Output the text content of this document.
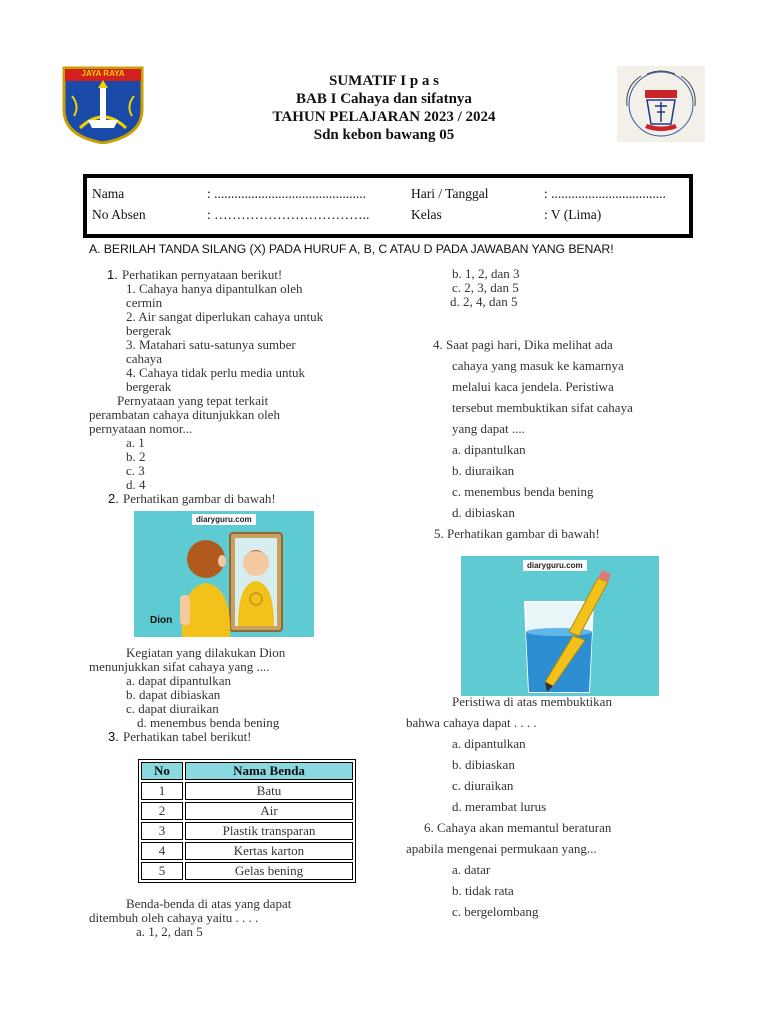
JAYA RAYA	SUMATIF I p a s
BAB I Cahaya dan sifatnya
TAHUN PELAJARAN 2023 / 2024
Sdn kebon bawang 05
Nama	: .............................................	Hari / Tanggal	: ..................................
No Absen	: ……………………………..	Kelas	: V (Lima)
A. BERILAH TANDA SILANG (X) PADA HURUF A, B, C ATAU D PADA JAWABAN YANG BENAR!
1. Perhatikan pernyataan berikut!
1. Cahaya hanya dipantulkan oleh
cermin
2. Air sangat diperlukan cahaya untuk
bergerak
3. Matahari satu-satunya sumber
cahaya
4. Cahaya tidak perlu media untuk
bergerak
Pernyataan yang tepat terkait
perambatan cahaya ditunjukkan oleh
pernyataan nomor...
a. 1
b. 2
c. 3
d. 4
2. Perhatikan gambar di bawah!
diaryguru.com
Dion
Kegiatan yang dilakukan Dion
menunjukkan sifat cahaya yang ....
a. dapat dipantulkan
b. dapat dibiaskan
c. dapat diuraikan
d. menembus benda bening
3. Perhatikan tabel berikut!
No	Nama Benda
1	Batu
2	Air
3	Plastik transparan
4	Kertas karton
5	Gelas bening
Benda-benda di atas yang dapat
ditembuh oleh cahaya yaitu . . . .
a. 1, 2, dan 5
b. 1, 2, dan 3
c. 2, 3, dan 5
d. 2, 4, dan 5
4. Saat pagi hari, Dika melihat ada
cahaya yang masuk ke kamarnya
melalui kaca jendela. Peristiwa
tersebut membuktikan sifat cahaya
yang dapat ....
a. dipantulkan
b. diuraikan
c. menembus benda bening
d. dibiaskan
5. Perhatikan gambar di bawah!
diaryguru.com
Peristiwa di atas membuktikan
bahwa cahaya dapat . . . .
a. dipantulkan
b. dibiaskan
c. diuraikan
d. merambat lurus
6. Cahaya akan memantul beraturan
apabila mengenai permukaan yang...
a. datar
b. tidak rata
c. bergelombang
